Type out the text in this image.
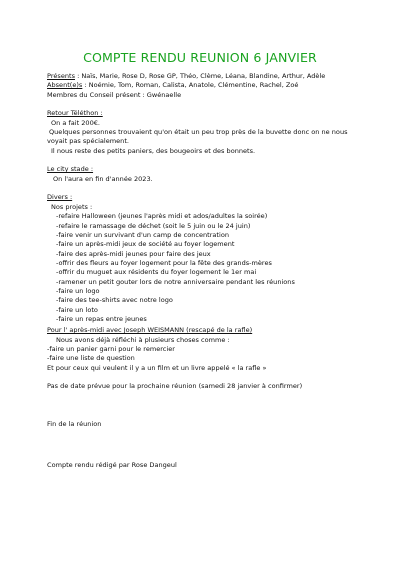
COMPTE RENDU REUNION 6 JANVIER
Présents : Naïs, Marie, Rose D, Rose GP, Théo, Clème, Léana, Blandine, Arthur, Adèle
Absent(e)s : Noémie, Tom, Roman, Calista, Anatole, Clémentine, Rachel, Zoé
Membres du Conseil présent : Gwénaelle
Retour Téléthon :
On a fait 200€.
Quelques personnes trouvaient qu'on était un peu trop près de la buvette donc on ne nous
voyait pas spécialement.
Il nous reste des petits paniers, des bougeoirs et des bonnets.
Le city stade :
On l'aura en fin d'année 2023.
Divers :
Nos projets :
-refaire Halloween (jeunes l'après midi et ados/adultes la soirée)
-refaire le ramassage de déchet (soit le 5 juin ou le 24 juin)
-faire venir un survivant d'un camp de concentration
-faire un après-midi jeux de société au foyer logement
-faire des après-midi jeunes pour faire des jeux
-offrir des fleurs au foyer logement pour la fête des grands-mères
-offrir du muguet aux résidents du foyer logement le 1er mai
-ramener un petit gouter lors de notre anniversaire pendant les réunions
-faire un logo
-faire des tee-shirts avec notre logo
-faire un loto
-faire un repas entre jeunes
Pour l' après-midi avec Joseph WEISMANN (rescapé de la rafle)
Nous avons déjà réfléchi à plusieurs choses comme :
-faire un panier garni pour le remercier
-faire une liste de question
Et pour ceux qui veulent il y a un film et un livre appelé « la rafle »
Pas de date prévue pour la prochaine réunion (samedi 28 janvier à confirmer)
Fin de la réunion
Compte rendu rédigé par Rose Dangeul
